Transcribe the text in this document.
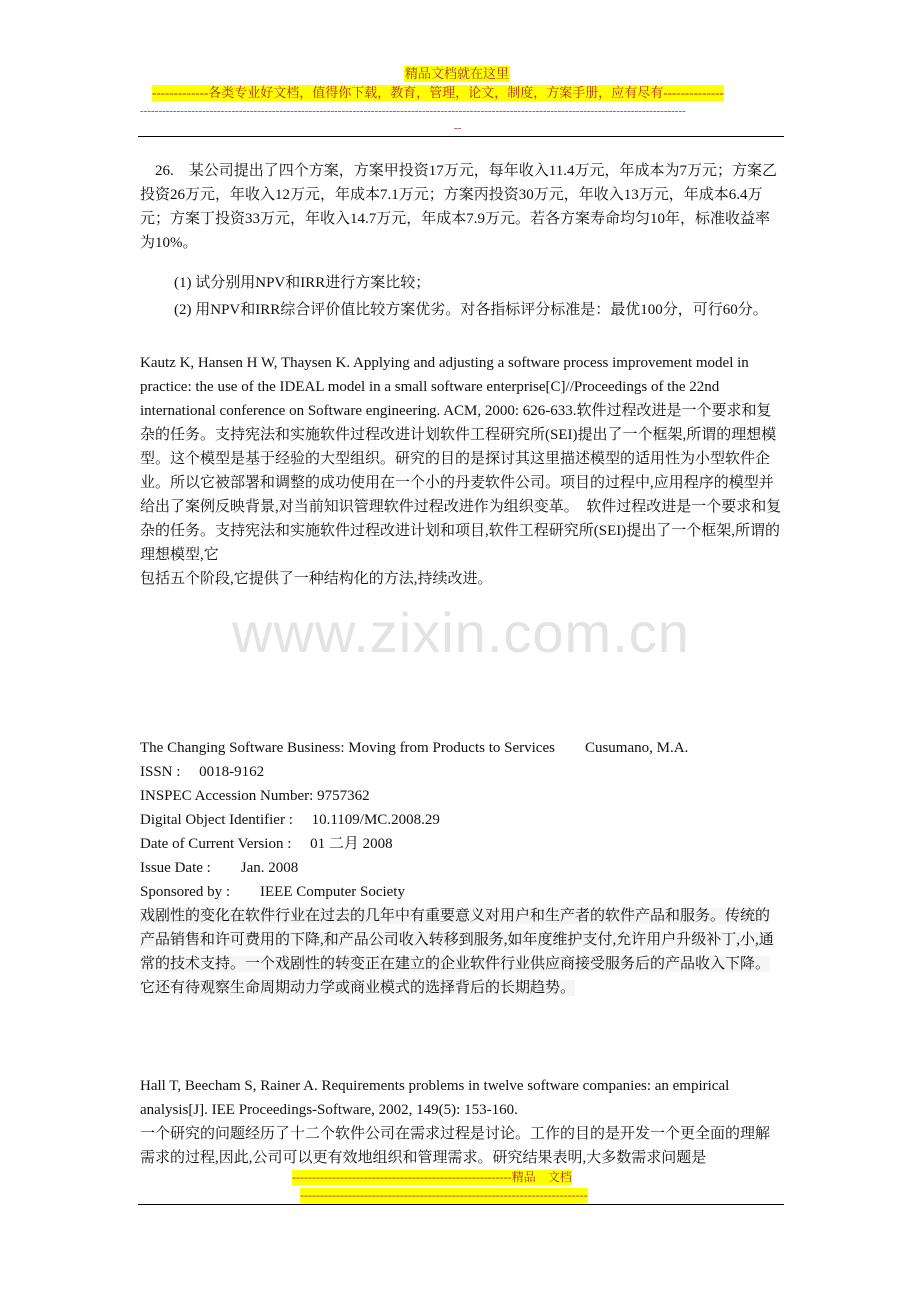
精品文档就在这里
-------------各类专业好文档，值得你下载，教育，管理，论文，制度，方案手册，应有尽有--------------
-----------------------------------------------------------------------------------------------------------------------------------------------------
--
26.　某公司提出了四个方案，方案甲投资17万元，每年收入11.4万元，年成本为7万元；方案乙投资26万元，年收入12万元，年成本7.1万元；方案丙投资30万元，年收入13万元，年成本6.4万元；方案丁投资33万元，年收入14.7万元，年成本7.9万元。若各方案寿命均匀10年，标准收益率为10%。
(1) 试分别用NPV和IRR进行方案比较；
(2) 用NPV和IRR综合评价值比较方案优劣。对各指标评分标准是：最优100分，可行60分。
Kautz K, Hansen H W, Thaysen K. Applying and adjusting a software process improvement model in practice: the use of the IDEAL model in a small software enterprise[C]//Proceedings of the 22nd international conference on Software engineering. ACM, 2000: 626-633.软件过程改进是一个要求和复杂的任务。支持宪法和实施软件过程改进计划软件工程研究所(SEI)提出了一个框架,所谓的理想模型。这个模型是基于经验的大型组织。研究的目的是探讨其这里描述模型的适用性为小型软件企业。所以它被部署和调整的成功使用在一个小的丹麦软件公司。项目的过程中,应用程序的模型并给出了案例反映背景,对当前知识管理软件过程改进作为组织变革。　软件过程改进是一个要求和复杂的任务。支持宪法和实施软件过程改进计划和项目,软件工程研究所(SEI)提出了一个框架,所谓的理想模型,它
包括五个阶段,它提供了一种结构化的方法,持续改进。
www.zixin.com.cn
The Changing Software Business: Moving from Products to Services　　Cusumano, M.A.
ISSN :　 0018-9162
INSPEC Accession Number: 9757362
Digital Object Identifier :　 10.1109/MC.2008.29
Date of Current Version :　 01 二月 2008
Issue Date :　　Jan. 2008
Sponsored by :　　IEEE Computer Society
戏剧性的变化在软件行业在过去的几年中有重要意义对用户和生产者的软件产品和服务。传统的产品销售和许可费用的下降,和产品公司收入转移到服务,如年度维护支付,允许用户升级补丁,小,通常的技术支持。一个戏剧性的转变正在建立的企业软件行业供应商接受服务后的产品收入下降。它还有待观察生命周期动力学或商业模式的选择背后的长期趋势。
Hall T, Beecham S, Rainer A. Requirements problems in twelve software companies: an empirical analysis[J]. IEE Proceedings-Software, 2002, 149(5): 153-160.
一个研究的问题经历了十二个软件公司在需求过程是讨论。工作的目的是开发一个更全面的理解需求的过程,因此,公司可以更有效地组织和管理需求。研究结果表明,大多数需求问题是
-------------------------------------------------------精品　文档
------------------------------------------------------------------------
